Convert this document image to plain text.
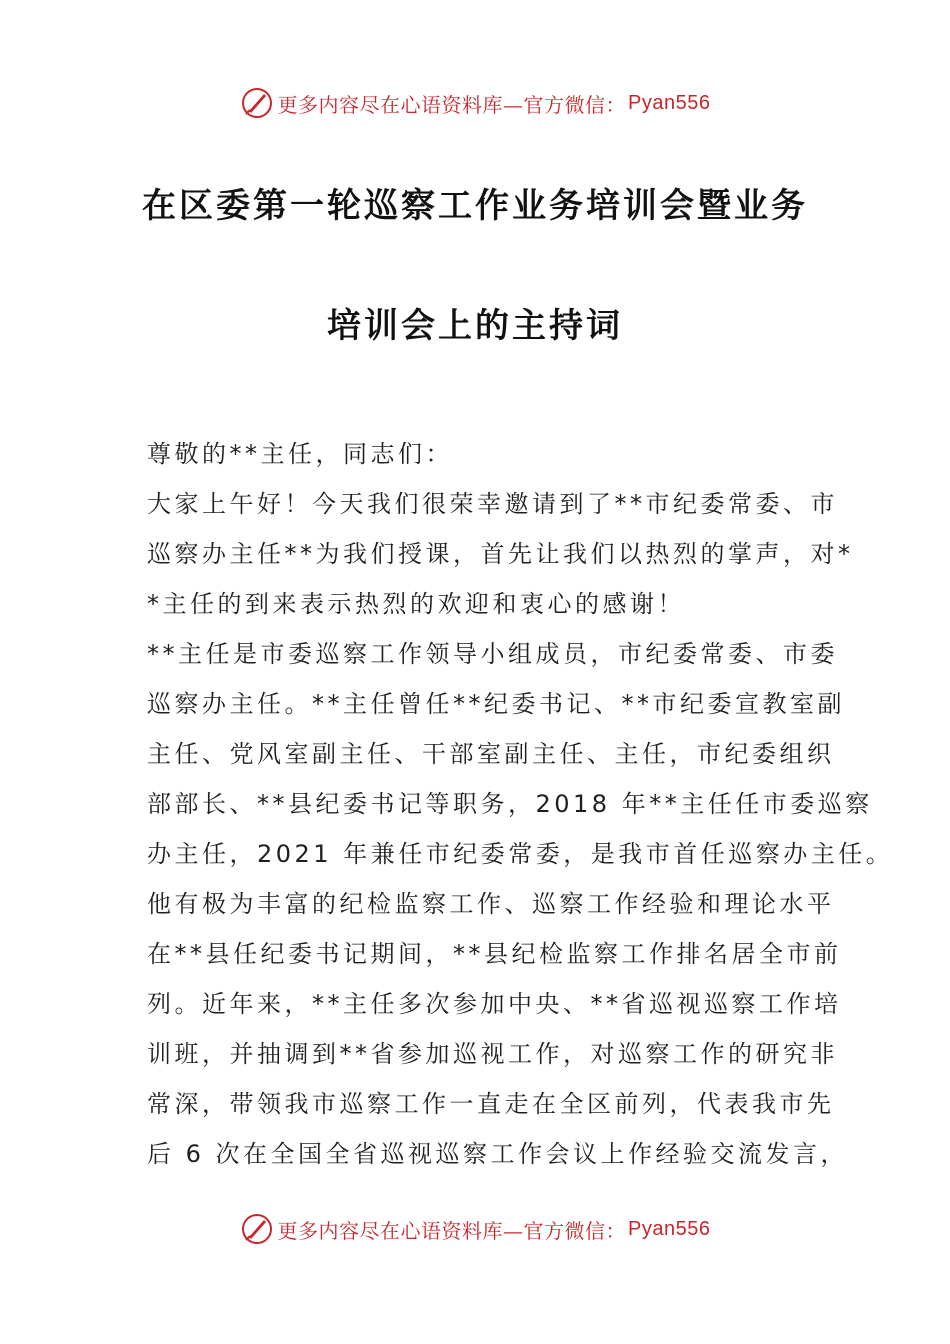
更多内容尽在心语资料库—官方微信： Pyan556
在区委第一轮巡察工作业务培训会暨业务
培训会上的主持词
尊敬的**主任，同志们：
大家上午好！今天我们很荣幸邀请到了**市纪委常委、市
巡察办主任**为我们授课，首先让我们以热烈的掌声，对*
*主任的到来表示热烈的欢迎和衷心的感谢！
**主任是市委巡察工作领导小组成员，市纪委常委、市委
巡察办主任。**主任曾任**纪委书记、**市纪委宣教室副
主任、党风室副主任、干部室副主任、主任，市纪委组织
部部长、**县纪委书记等职务，2018 年**主任任市委巡察
办主任，2021 年兼任市纪委常委，是我市首任巡察办主任。
他有极为丰富的纪检监察工作、巡察工作经验和理论水平
在**县任纪委书记期间，**县纪检监察工作排名居全市前
列。近年来，**主任多次参加中央、**省巡视巡察工作培
训班，并抽调到**省参加巡视工作，对巡察工作的研究非
常深，带领我市巡察工作一直走在全区前列，代表我市先
后 6 次在全国全省巡视巡察工作会议上作经验交流发言，
更多内容尽在心语资料库—官方微信： Pyan556
